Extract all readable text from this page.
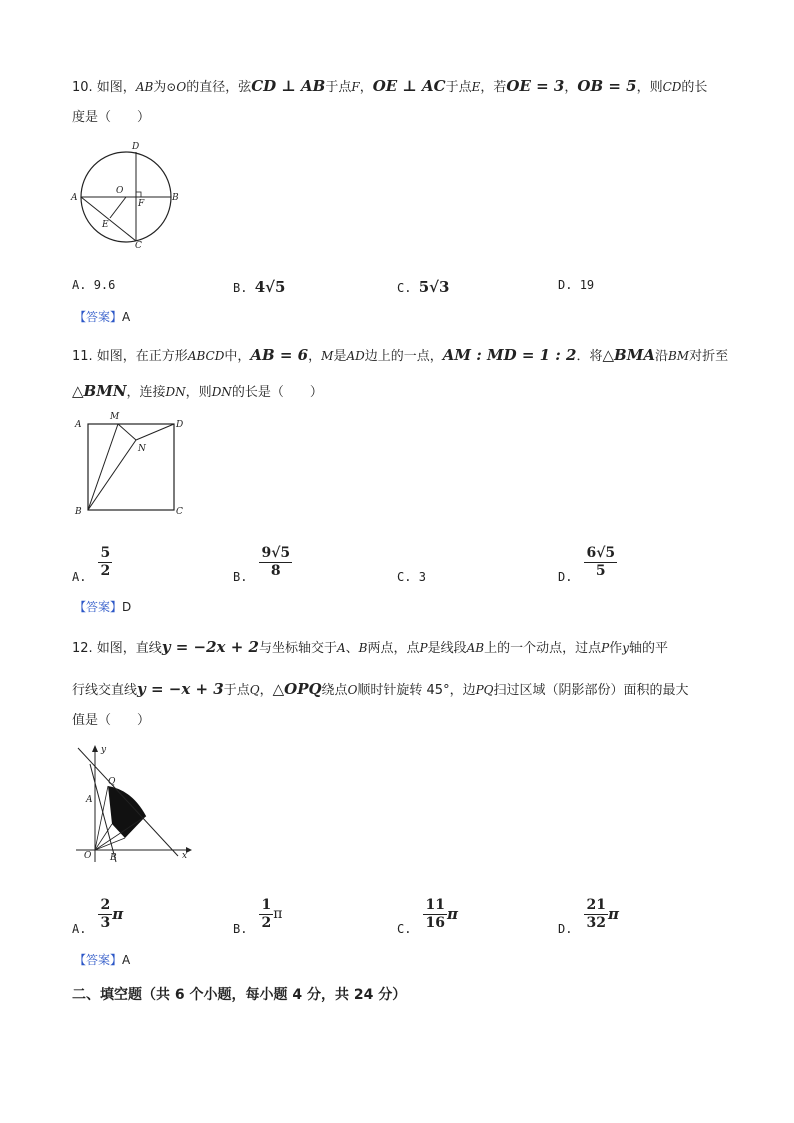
10. 如图，AB为⊙O的直径，弦CD ⊥ AB于点F，OE ⊥ AC于点E，若OE = 3，OB = 5，则CD的长
度是（　　）
D
A
O
F
B
E
C
A. 9.6	B. 4√5	C. 5√3	D. 19
【答案】A
11. 如图，在正方形ABCD中，AB = 6，M是AD边上的一点，AM : MD = 1 : 2．将△BMA沿BM对折至
△BMN，连接DN，则DN的长是（　　）
M
A	D
N
B	C
A. $\frac{5}{2}$	B. $\frac{9√5}{8}$	C.
3	D. $\frac{6√5}{5}$
【答案】D
12. 如图，直线y = −2x + 2与坐标轴交于A、B两点，点P是线段AB上的一个动点，过点P作y轴的平
行线交直线y = −x + 3于点Q，△OPQ绕点O顺时针旋转 45°，边PQ扫过区域（阴影部份）面积的最大
值是（　　）
y
Q
A
O B	x
A. $\frac{2}{3}$ π
B. $\frac{1}{2}$ π
C. $\frac{11}{16}$ π
D. $\frac{21}{32}$ π
【答案】A
二、填空题（共 6 个小题，每小题 4 分，共 24 分）
